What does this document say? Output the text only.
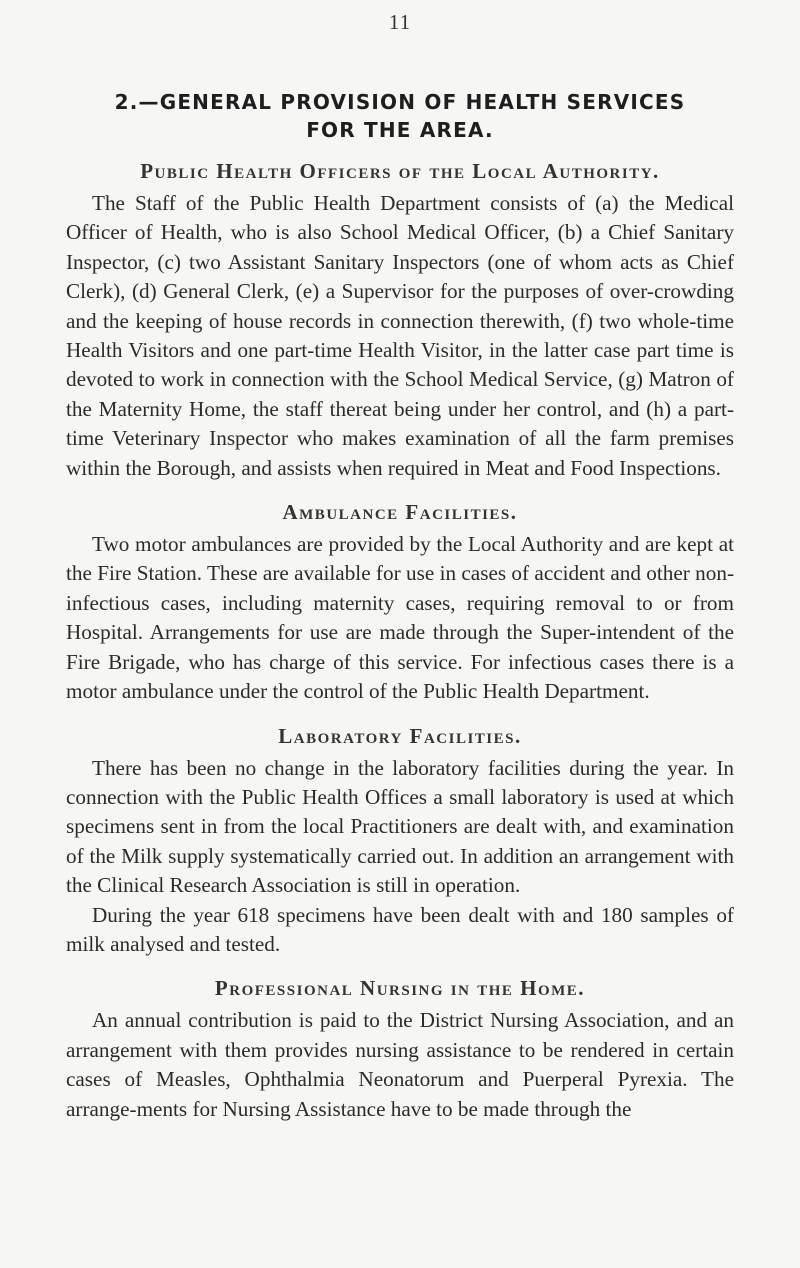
11
2.—GENERAL PROVISION OF HEALTH SERVICES
FOR THE AREA.
Public Health Officers of the Local Authority.

The Staff of the Public Health Department consists of (a) the Medical Officer of Health, who is also School Medical Officer, (b) a Chief Sanitary Inspector, (c) two Assistant Sanitary Inspectors (one of whom acts as Chief Clerk), (d) General Clerk, (e) a Supervisor for the purposes of over-crowding and the keeping of house records in connection therewith, (f) two whole-time Health Visitors and one part-time Health Visitor, in the latter case part time is devoted to work in connection with the School Medical Service, (g) Matron of the Maternity Home, the staff thereat being under her control, and (h) a part-time Veterinary Inspector who makes examination of all the farm premises within the Borough, and assists when required in Meat and Food Inspections.

Ambulance Facilities.

Two motor ambulances are provided by the Local Authority and are kept at the Fire Station. These are available for use in cases of accident and other non-infectious cases, including maternity cases, requiring removal to or from Hospital. Arrangements for use are made through the Super-intendent of the Fire Brigade, who has charge of this service. For infectious cases there is a motor ambulance under the control of the Public Health Department.

Laboratory Facilities.

There has been no change in the laboratory facilities during the year. In connection with the Public Health Offices a small laboratory is used at which specimens sent in from the local Practitioners are dealt with, and examination of the Milk supply systematically carried out. In addition an arrangement with the Clinical Research Association is still in operation.

During the year 618 specimens have been dealt with and 180 samples of milk analysed and tested.

Professional Nursing in the Home.

An annual contribution is paid to the District Nursing Association, and an arrangement with them provides nursing assistance to be rendered in certain cases of Measles, Ophthalmia Neonatorum and Puerperal Pyrexia. The arrange-ments for Nursing Assistance have to be made through the
